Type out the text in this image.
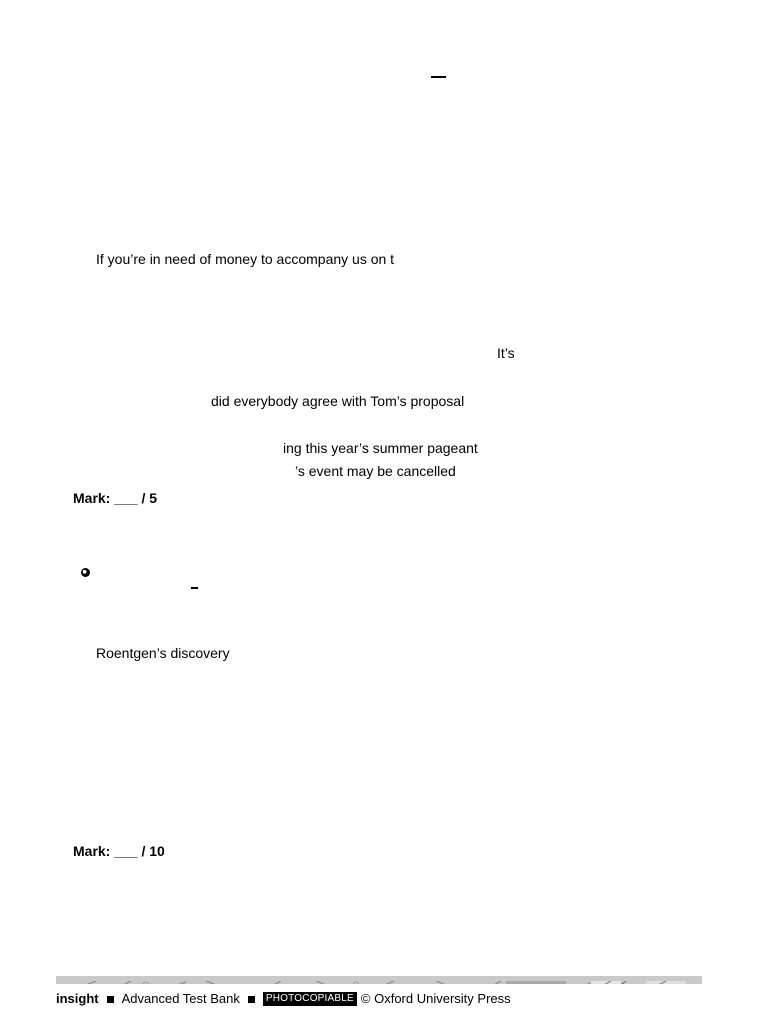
If you’re in need of money to accompany us on t
It’s
did everybody agree with Tom’s proposal
ing this year’s summer pageant
’s event may be cancelled
Mark: ___ / 5
Roentgen’s discovery
Mark: ___ / 10
insight Advanced Test Bank	PHOTOCOPIABLE © Oxford University Press
